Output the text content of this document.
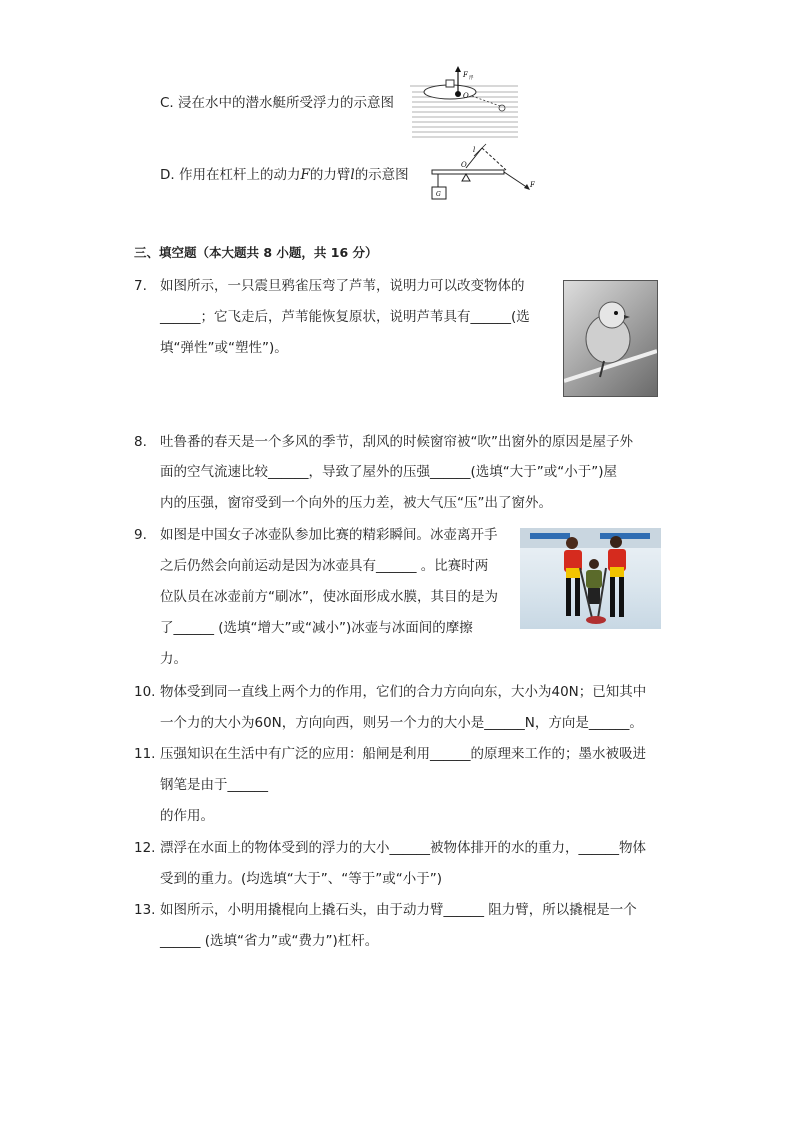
C. 浸在水中的潜水艇所受浮力的示意图
F 浮
O
D. 作用在杠杆上的动力F的力臂l的示意图
O
l
F
G
三、填空题（本大题共 8 小题，共 16 分）
7. 如图所示，一只震旦鸦雀压弯了芦苇，说明力可以改变物体的
______；它飞走后，芦苇能恢复原状，说明芦苇具有______(选
填“弹性”或“塑性”)。
8. 吐鲁番的春天是一个多风的季节，刮风的时候窗帘被“吹”出窗外的原因是屋子外
面的空气流速比较______，导致了屋外的压强______(选填“大于”或“小于”)屋
内的压强，窗帘受到一个向外的压力差，被大气压“压”出了窗外。
9. 如图是中国女子冰壶队参加比赛的精彩瞬间。冰壶离开手
之后仍然会向前运动是因为冰壶具有______ 。比赛时两
位队员在冰壶前方“刷冰”，使冰面形成水膜，其目的是为
了______ (选填“增大”或“减小”)冰壶与冰面间的摩擦
力。
10. 物体受到同一直线上两个力的作用，它们的合力方向向东，大小为40N；已知其中
一个力的大小为60N，方向向西，则另一个力的大小是______N，方向是______。
11. 压强知识在生活中有广泛的应用：船闸是利用______的原理来工作的；墨水被吸进
钢笔是由于______
的作用。
12. 漂浮在水面上的物体受到的浮力的大小______被物体排开的水的重力，______物体
受到的重力。(均选填“大于”、“等于”或“小于”)
13. 如图所示，小明用撬棍向上撬石头，由于动力臂______ 阻力臂，所以撬棍是一个
______ (选填“省力”或“费力”)杠杆。
